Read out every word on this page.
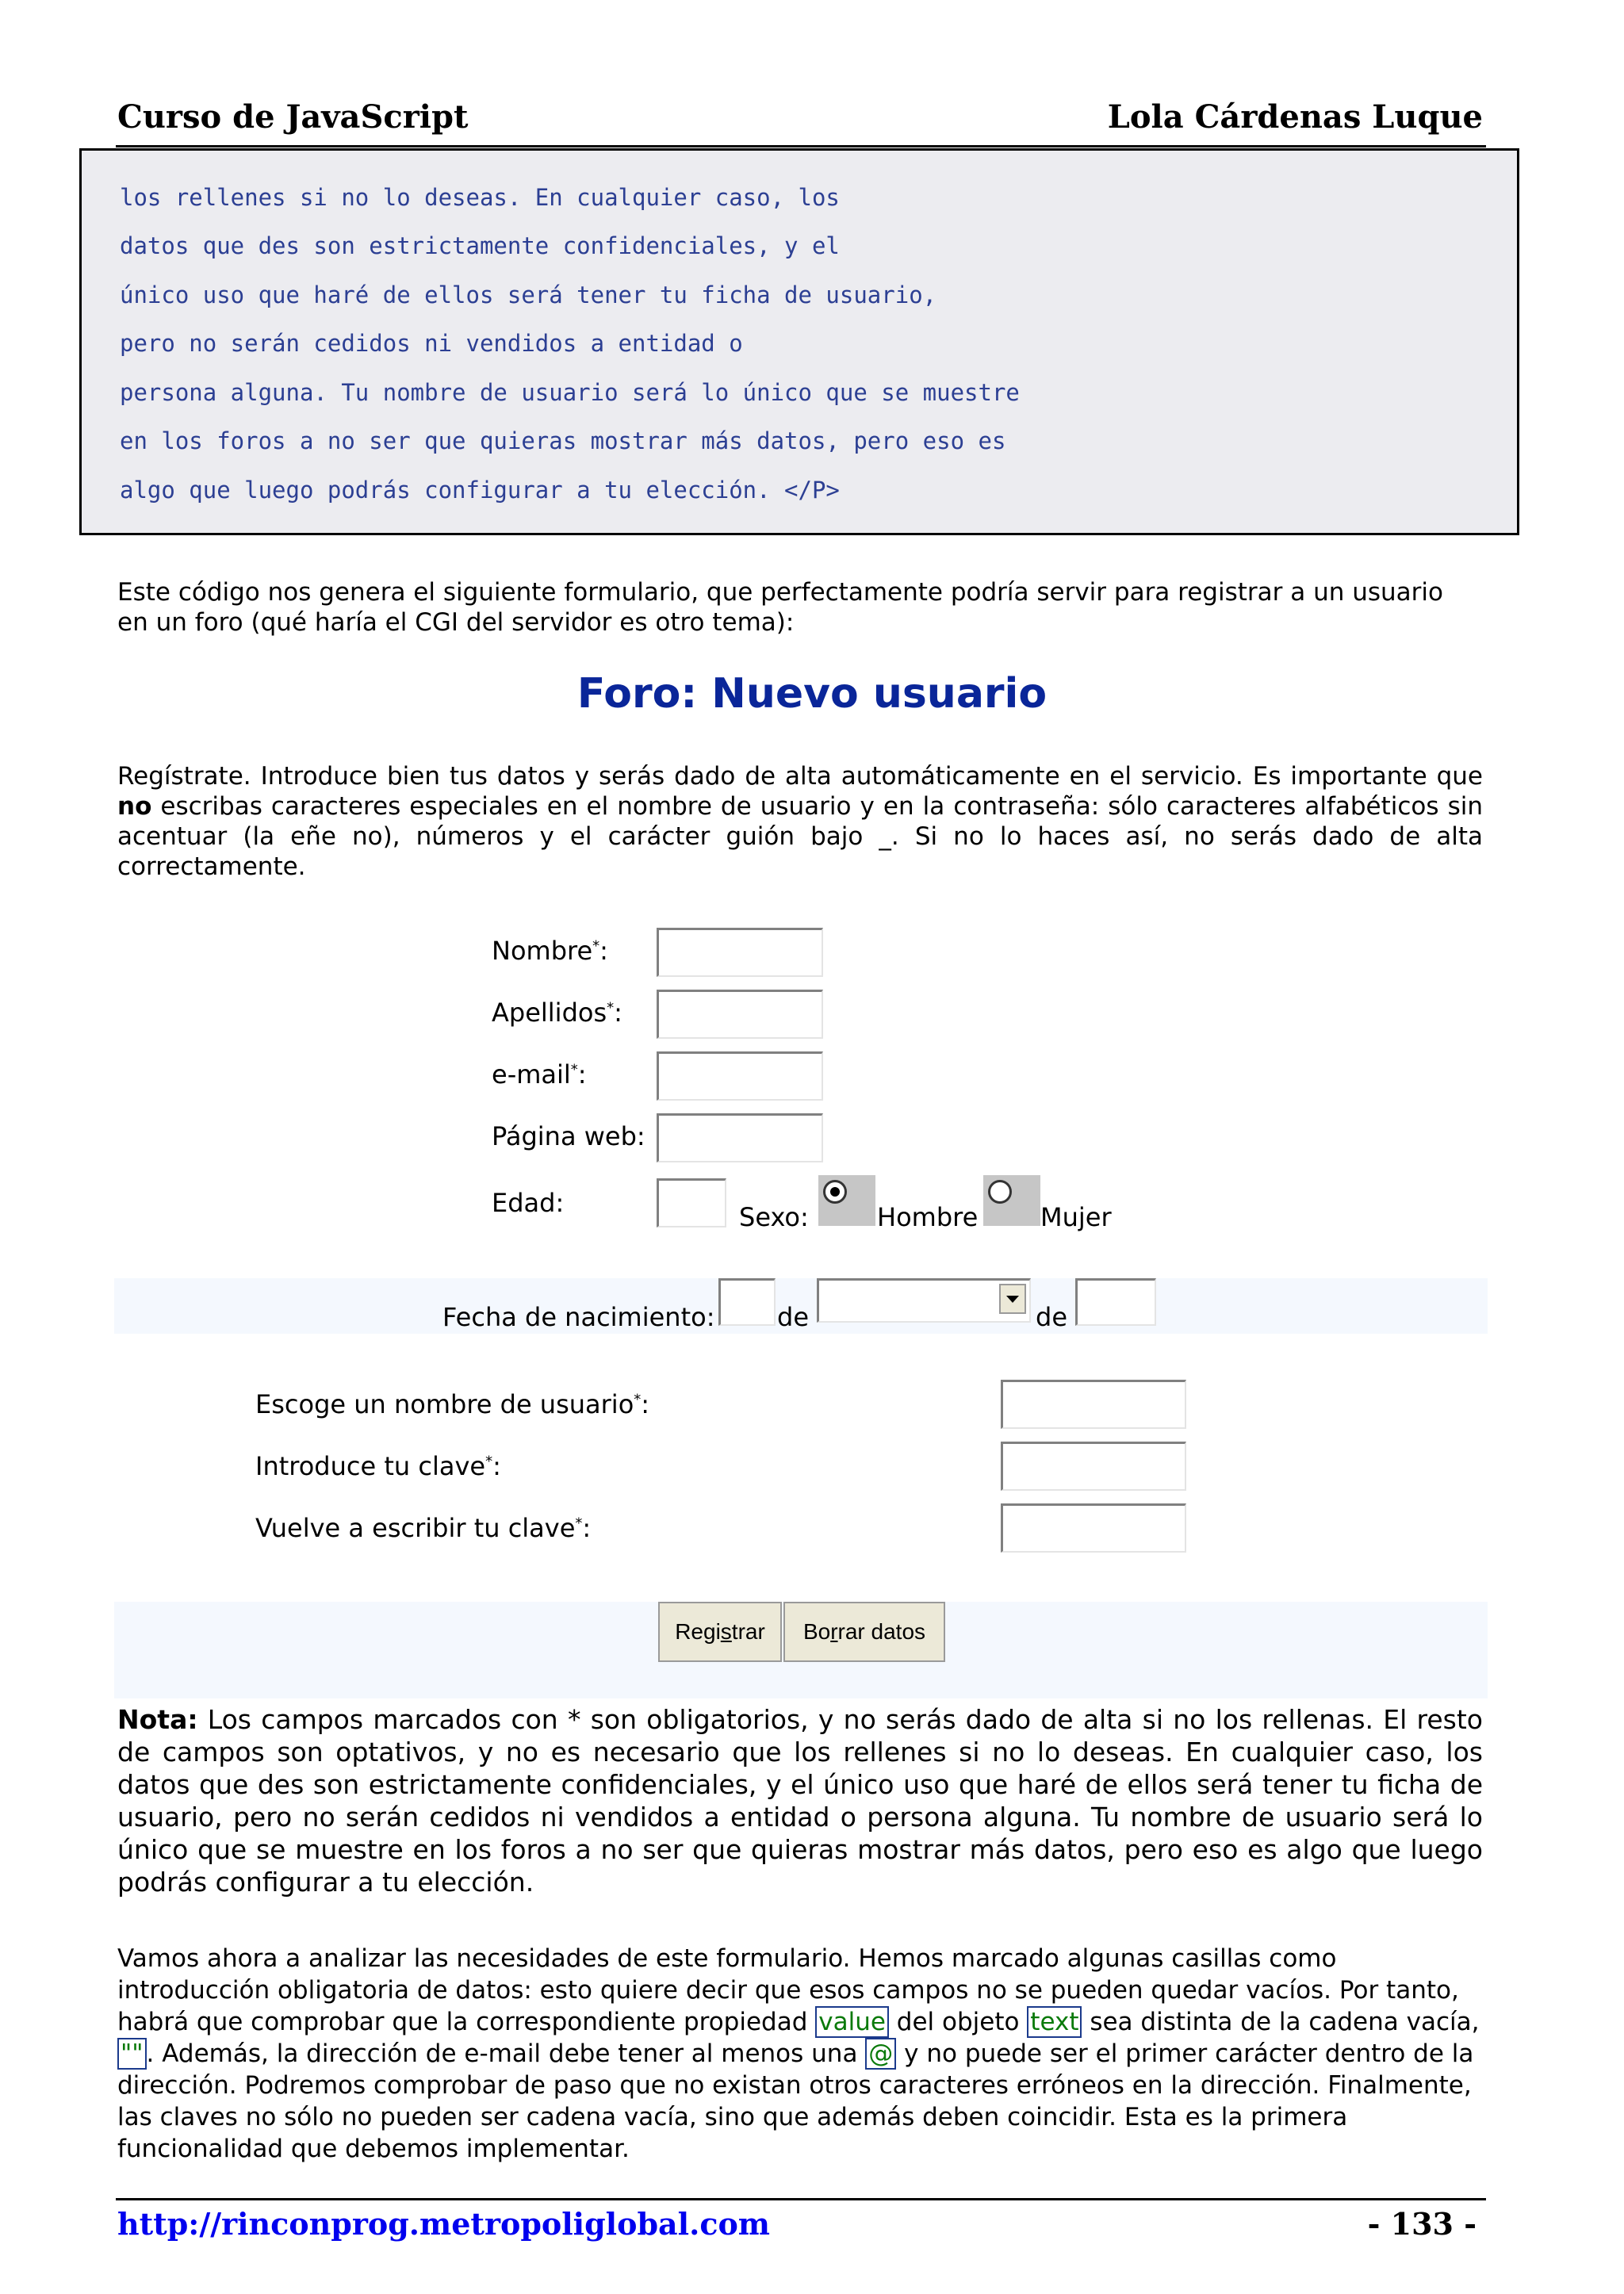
Curso de JavaScript	Lola Cárdenas Luque
los rellenes si no lo deseas. En cualquier caso, los
datos que des son estrictamente confidenciales, y el
único uso que haré de ellos será tener tu ficha de usuario,
pero no serán cedidos ni vendidos a entidad o
persona alguna. Tu nombre de usuario será lo único que se muestre
en los foros a no ser que quieras mostrar más datos, pero eso es
algo que luego podrás configurar a tu elección. </P>
Este código nos genera el siguiente formulario, que perfectamente podría servir para registrar a un usuario en un foro (qué haría el CGI del servidor es otro tema):
Foro: Nuevo usuario
Regístrate. Introduce bien tus datos y serás dado de alta automáticamente en el servicio. Es importante que no escribas caracteres especiales en el nombre de usuario y en la contraseña: sólo caracteres alfabéticos sin acentuar (la eñe no), números y el carácter guión bajo _. Si no lo haces así, no serás dado de alta correctamente.
Nombre*:
Apellidos*:
e-mail*:
Página web:
Edad:	Sexo:	Hombre Mujer
Fecha de nacimiento: de	de
Escoge un nombre de usuario*:
Introduce tu clave*:
Vuelve a escribir tu clave*:
Regi s trar Bo r rar datos
Nota: Los campos marcados con * son obligatorios, y no serás dado de alta si no los rellenas. El resto de campos son optativos, y no es necesario que los rellenes si no lo deseas. En cualquier caso, los datos que des son estrictamente confidenciales, y el único uso que haré de ellos será tener tu ficha de usuario, pero no serán cedidos ni vendidos a entidad o persona alguna. Tu nombre de usuario será lo único que se muestre en los foros a no ser que quieras mostrar más datos, pero eso es algo que luego podrás configurar a tu elección.
Vamos ahora a analizar las necesidades de este formulario. Hemos marcado algunas casillas como introducción obligatoria de datos: esto quiere decir que esos campos no se pueden quedar vacíos. Por tanto, habrá que comprobar que la correspondiente propiedad value del objeto text sea distinta de la cadena vacía, "" . Además, la dirección de e-mail debe tener al menos una @ y no puede ser el primer carácter dentro de la dirección. Podremos comprobar de paso que no existan otros caracteres erróneos en la dirección. Finalmente, las claves no sólo no pueden ser cadena vacía, sino que además deben coincidir. Esta es la primera funcionalidad que debemos implementar.
http://rinconprog.metropoliglobal.com	- 133 -
